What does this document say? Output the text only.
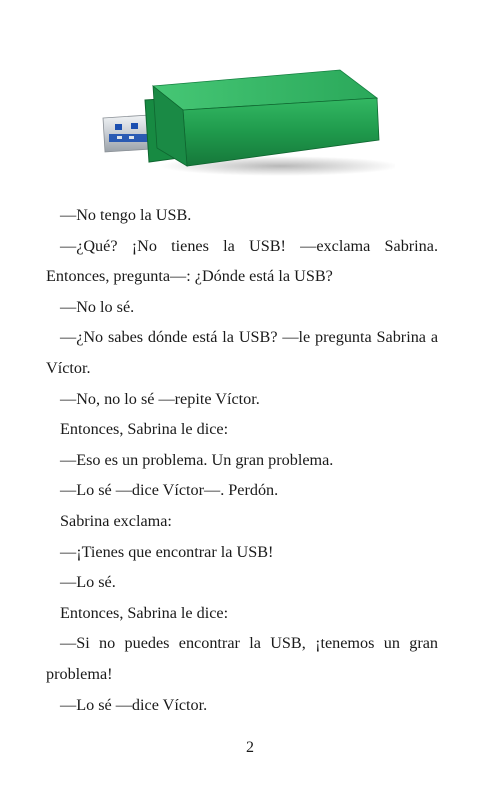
—No tengo la USB.

—¿Qué? ¡No tienes la USB! —exclama Sabrina. Entonces, pregunta—: ¿Dónde está la USB?

—No lo sé.

—¿No sabes dónde está la USB? —le pregunta Sabrina a Víctor.

—No, no lo sé —repite Víctor.

Entonces, Sabrina le dice:

—Eso es un problema. Un gran problema.

—Lo sé —dice Víctor—. Perdón.

Sabrina exclama:

—¡Tienes que encontrar la USB!

—Lo sé.

Entonces, Sabrina le dice:

—Si no puedes encontrar la USB, ¡tenemos un gran problema!

—Lo sé —dice Víctor.

2
